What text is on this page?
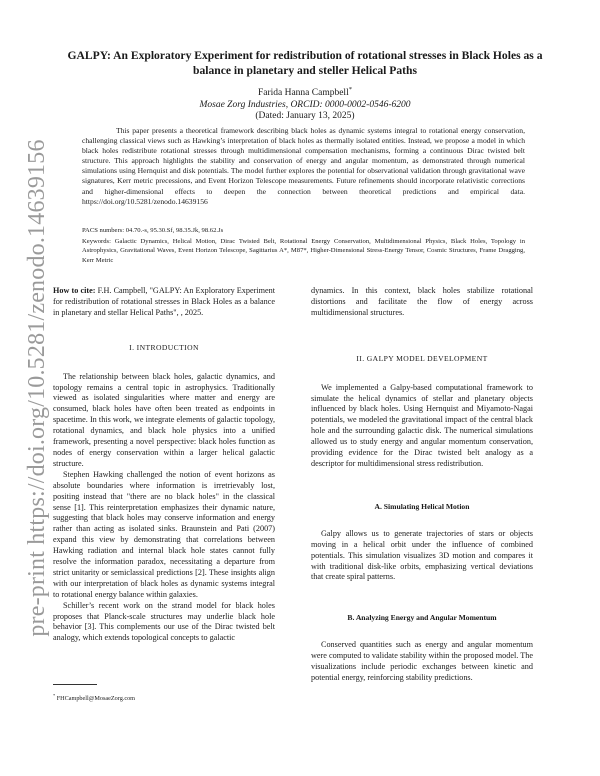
pre-print https://doi.org/10.5281/zenodo.14639156
GALPY: An Exploratory Experiment for redistribution of rotational stresses in Black Holes as a balance in planetary and steller Helical Paths
Farida Hanna Campbell*
Mosae Zorg Industries, ORCID: 0000-0002-0546-6200
(Dated: January 13, 2025)

This paper presents a theoretical framework describing black holes as dynamic systems integral to rotational energy conservation, challenging classical views such as Hawking’s interpretation of black holes as thermally isolated entities. Instead, we propose a model in which black holes redistribute rotational stresses through multidimensional compensation mechanisms, forming a continuous Dirac twisted belt structure. This approach highlights the stability and conservation of energy and angular momentum, as demonstrated through numerical simulations using Hernquist and disk potentials. The model further explores the potential for observational validation through gravitational wave signatures, Kerr metric precessions, and Event Horizon Telescope measurements. Future refinements should incorporate relativistic corrections and higher-dimensional effects to deepen the connection between theoretical predictions and empirical data. https://doi.org/10.5281/zenodo.14639156

PACS numbers: 04.70.-s, 95.30.Sf, 98.35.Jk, 98.62.Js

Keywords: Galactic Dynamics, Helical Motion, Dirac Twisted Belt, Rotational Energy Conservation, Multidimensional Physics, Black Holes, Topology in Astrophysics, Gravitational Waves, Event Horizon Telescope, Sagittarius A*, M87*, Higher-Dimensional Stress-Energy Tensor, Cosmic Structures, Frame Dragging, Kerr Metric

How to cite: F.H. Campbell, "GALPY: An Exploratory Experiment for redistribution of rotational stresses in Black Holes as a balance in planetary and stellar Helical Paths", , 2025.

I. INTRODUCTION

The relationship between black holes, galactic dynamics, and topology remains a central topic in astrophysics. Traditionally viewed as isolated singularities where matter and energy are consumed, black holes have often been treated as endpoints in spacetime. In this work, we integrate elements of galactic topology, rotational dynamics, and black hole physics into a unified framework, presenting a novel perspective: black holes function as nodes of energy conservation within a larger helical galactic structure.

Stephen Hawking challenged the notion of event horizons as absolute boundaries where information is irretrievably lost, positing instead that "there are no black holes" in the classical sense [1]. This reinterpretation emphasizes their dynamic nature, suggesting that black holes may conserve information and energy rather than acting as isolated sinks. Braunstein and Pati (2007) expand this view by demonstrating that correlations between Hawking radiation and internal black hole states cannot fully resolve the information paradox, necessitating a departure from strict unitarity or semiclassical predictions [2]. These insights align with our interpretation of black holes as dynamic systems integral to rotational energy balance within galaxies.

Schiller’s recent work on the strand model for black holes proposes that Planck-scale structures may underlie black hole behavior [3]. This complements our use of the Dirac twisted belt analogy, which extends topological concepts to galactic

dynamics. In this context, black holes stabilize rotational distortions and facilitate the flow of energy across multidimensional structures.

II. GALPY MODEL DEVELOPMENT

We implemented a Galpy-based computational framework to simulate the helical dynamics of stellar and planetary objects influenced by black holes. Using Hernquist and Miyamoto-Nagai potentials, we modeled the gravitational impact of the central black hole and the surrounding galactic disk. The numerical simulations allowed us to study energy and angular momentum conservation, providing evidence for the Dirac twisted belt analogy as a descriptor for multidimensional stress redistribution.

A. Simulating Helical Motion

Galpy allows us to generate trajectories of stars or objects moving in a helical orbit under the influence of combined potentials. This simulation visualizes 3D motion and compares it with traditional disk-like orbits, emphasizing vertical deviations that create spiral patterns.

B. Analyzing Energy and Angular Momentum

Conserved quantities such as energy and angular momentum were computed to validate stability within the proposed model. The visualizations include periodic exchanges between kinetic and potential energy, reinforcing stability predictions.

* FHCampbell@MosaeZorg.com
